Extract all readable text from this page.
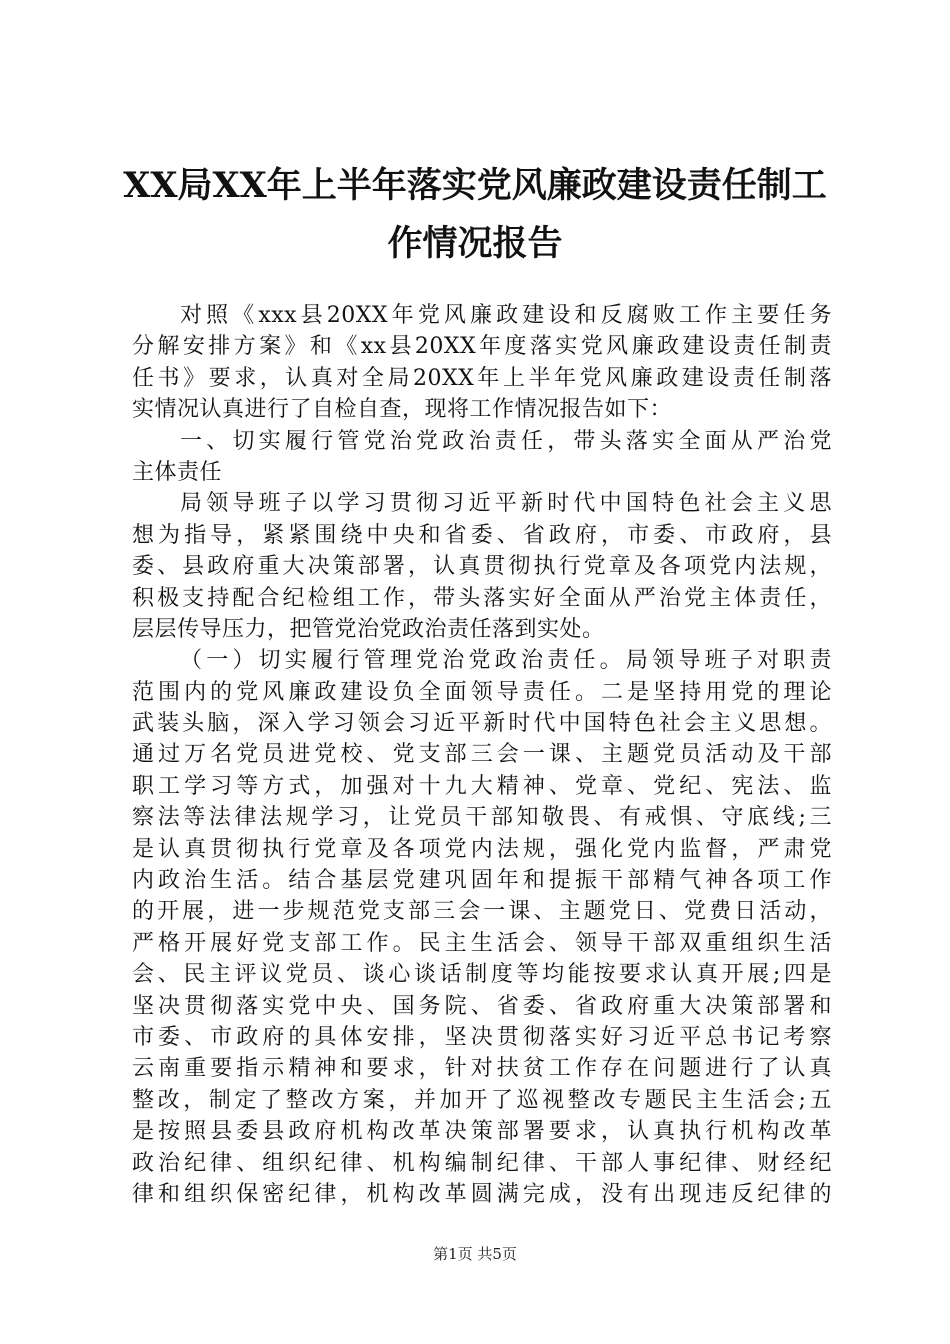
XX局XX年上半年落实党风廉政建设责任制工
作情况报告
对照《xxx县20XX年党风廉政建设和反腐败工作主要任务
分解安排方案》和《xx县20XX年度落实党风廉政建设责任制责
任书》要求，认真对全局20XX年上半年党风廉政建设责任制落
实情况认真进行了自检自查，现将工作情况报告如下：
一、切实履行管党治党政治责任，带头落实全面从严治党
主体责任
局领导班子以学习贯彻习近平新时代中国特色社会主义思
想为指导，紧紧围绕中央和省委、省政府，市委、市政府，县
委、县政府重大决策部署，认真贯彻执行党章及各项党内法规，
积极支持配合纪检组工作，带头落实好全面从严治党主体责任，
层层传导压力，把管党治党政治责任落到实处。
（一）切实履行管理党治党政治责任。局领导班子对职责
范围内的党风廉政建设负全面领导责任。二是坚持用党的理论
武装头脑，深入学习领会习近平新时代中国特色社会主义思想。
通过万名党员进党校、党支部三会一课、主题党员活动及干部
职工学习等方式，加强对十九大精神、党章、党纪、宪法、监
察法等法律法规学习，让党员干部知敬畏、有戒惧、守底线;三
是认真贯彻执行党章及各项党内法规，强化党内监督，严肃党
内政治生活。结合基层党建巩固年和提振干部精气神各项工作
的开展，进一步规范党支部三会一课、主题党日、党费日活动，
严格开展好党支部工作。民主生活会、领导干部双重组织生活
会、民主评议党员、谈心谈话制度等均能按要求认真开展;四是
坚决贯彻落实党中央、国务院、省委、省政府重大决策部署和
市委、市政府的具体安排，坚决贯彻落实好习近平总书记考察
云南重要指示精神和要求，针对扶贫工作存在问题进行了认真
整改，制定了整改方案，并加开了巡视整改专题民主生活会;五
是按照县委县政府机构改革决策部署要求，认真执行机构改革
政治纪律、组织纪律、机构编制纪律、干部人事纪律、财经纪
律和组织保密纪律，机构改革圆满完成，没有出现违反纪律的
第1页 共5页
